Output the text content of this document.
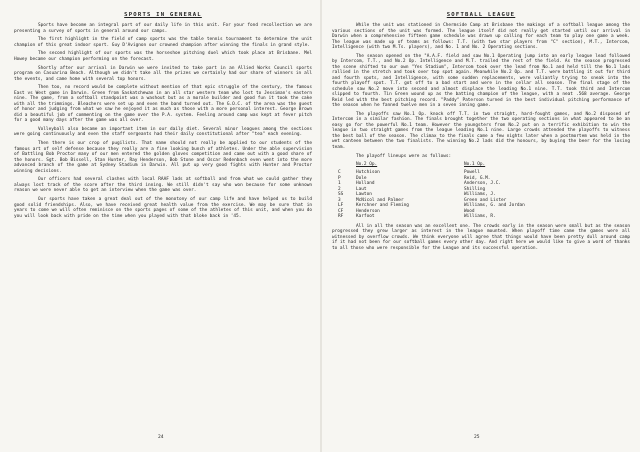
SPORTS IN GENERAL

Sports have become an integral part of our daily life in this unit. For your fond recollection we are presenting a survey of sports in general around our camps.

The first highlight in the field of camp sports was the table tennis tournament to determine the unit champion of this great indoor sport. Guy D'Avignon our crowned champion after winning the finals in grand style.

The second highlight of our sports was the horseshoe pitching duel which took place at Brisbane. Mel Howey became our champion performing on the forecast.

Shortly after our arrival in Darwin we were invited to take part in an Allied Works Council sports program on Casuarina Beach. Although we didn't take all the prizes we certainly had our share of winners in all the events, and came home with several top honors.

Then too, no record would be complete without mention of that epic struggle of the century, the famous East vs West game in Darwin. Green from Saskatchewan in an all star western team who lost to Jessiman's eastern nine. The game, from a softball standpoint was a washout but as a morale builder and good fun it took the cake with all the trimmings. Bleachers were set up and even the band turned out. The G.O.C. of the area was the guest of honor and judging from what we saw he enjoyed it as much as those with a more personal interest. George Brown did a beautiful job of commenting on the game over the P.A. system. Feeling around camp was kept at fever pitch for a good many days after the game was all over.

Volleyball also became an important item in our daily diet. Several minor leagues among the sections were going continuously and even the staff sergeants had their daily constitutional after "tea" each evening.

Then there is our crop of pugilists. That name should not really be applied to our students of the famous art of self defense because they really are a fine looking bunch of athletes. Under the able supervision of Battling Bob Proctor many of our men entered the golden gloves competition and came out with a good share of the honors. Sgt. Bob Bissell, Stan Hunter, Ray Henderson, Bob Stone and Oscar Redenbach even went into the more advanced branch of the game at Sydney Stadium in Darwin. All put up very good fights with Hunter and Proctor winning decisions.

Our officers had several clashes with local RAAF lads at softball and from what we could gather they always lost track of the score after the third inning. We still didn't say who won because for some unknown reason we were never able to get an interview when the game was over.

Our sports have taken a great deal out of the monotony of our camp life and have helped us to build good solid friendships. Also, we have received great health value from the exercise. We may be sure that in years to come we will often reminisce on the sports pages of some of the athletes of this unit, and when you do you will look back with pride on the time when you played with that bloke back in '45.

24
SOFTBALL LEAGUE

While the unit was stationed in Chermside Camp at Brisbane the makings of a softball league among the various sections of the unit was formed. The league itself did not really get started until our arrival in Darwin when a comprehensive fifteen game schedule was drawn up calling for each team to play one game a week. The league was made up of teams as follows: T.T. (with two star players from "C" section), M.T., Intercom, Intelligence (with two M.Ts. players), and No. 1 and No. 2 Operating sections.

The season opened on the "A.A.F. field and saw No.1 Operating jump into an early league lead followed by Intercom, T.T., and No.2 Op. Intelligence and M.T. trailed the rest of the field. As the season progressed the scene shifted to our own "Yes Stadium", Intercom took over the lead from No.1 and held till the No.1 lads rallied in the stretch and took over top spot again. Meanwhile No.2 Op. and T.T. were battling it out for third and fourth spots, and Intelligence, with some sudden replacements, were valiantly trying to sneak into the fourth playoff spot. T.T. got off to a bad start and were in the cellar all season. The final stage of the schedule saw No.2 move into second and almost displace the leading No.1 nine. T.T. took third and Intercom slipped to fourth. Tin Green wound up as the batting champion of the league, with a neat .568 average. George Reid led with the best pitching record. "Paddy" Paterson turned in the best individual pitching performance of the season when he fanned twelve men in a seven inning game.

The playoffs saw No.1 Op. knock off T.T. in two straight, hard-fought games, and No.2 disposed of Intercom in a similar fashion. The finals brought together the two operating sections in what appeared to be an easy go for the powerful No.1 team. However the youngsters from No.2 put on a terrific exhibition to win the league in two straight games from the league leading No.1 nine. Large crowds attended the playoffs to witness the best ball of the season. The climax to the finals came a few nights later when a postmortem was held in the wet canteen between the two finalists. The winning No.2 lads did the honours, by buying the beer for the losing team.

The playoff lineups were as follows:

	No.2 Op.	No.1 Op.
C	Hutchison	Powell
P	Dole	Reid, G.M.
1	Holland	Anderson, J.C.
2	Laut	Shilling
SS	Lawton	Williams, J.
3	McNicol and Palmer	Green and Lister
LF	Kerchner and Fleming	Williams, G. and Jordan
CF	Henderson	Wood
RF	Karfoot	Williams, R.

All in all the season was an excellent one. The crowds early in the season were small but as the season progressed they grew larger as interest in the league mounted. When playoff time came the games were all witnessed by overflow crowds. We think everyone will agree that things would have been pretty dull around camp if it had not been for our softball games every other day. And right here we would like to give a word of thanks to all those who were responsible for the League and its successful operation.

25
